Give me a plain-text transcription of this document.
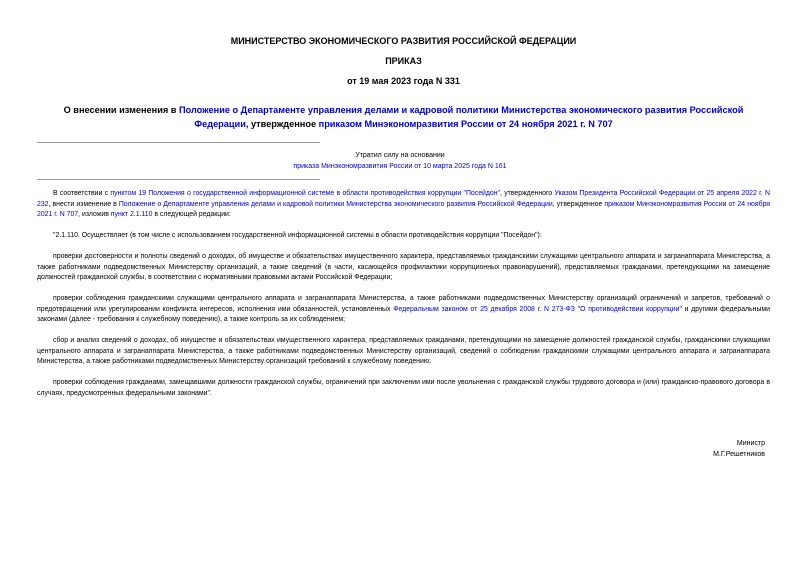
МИНИСТЕРСТВО ЭКОНОМИЧЕСКОГО РАЗВИТИЯ РОССИЙСКОЙ ФЕДЕРАЦИИ
ПРИКАЗ
от 19 мая 2023 года N 331
О внесении изменения в Положение о Департаменте управления делами и кадровой политики Министерства экономического развития Российской Федерации, утвержденное приказом Минэкономразвития России от 24 ноября 2021 г. N 707
Утратил силу на основании
приказа Минэкономразвития России от 10 марта 2025 года N 161

В соответствии с пунктом 19 Положения о государственной информационной системе в области противодействия коррупции "Посейдон", утвержденного Указом Президента Российской Федерации от 25 апреля 2022 г. N 232, внести изменение в Положение о Департаменте управления делами и кадровой политики Министерства экономического развития Российской Федерации, утвержденное приказом Минэкономразвития России от 24 ноября 2021 г. N 707, изложив пункт 2.1.110 в следующей редакции:

"2.1.110. Осуществляет (в том числе с использованием государственной информационной системы в области противодействия коррупции "Посейдон"):

проверки достоверности и полноты сведений о доходах, об имуществе и обязательствах имущественного характера, представляемых гражданскими служащими центрального аппарата и загранаппарата Министерства, а также работниками подведомственных Министерству организаций, а также сведений (в части, касающейся профилактики коррупционных правонарушений), представляемых гражданами, претендующими на замещение должностей гражданской службы, в соответствии с нормативными правовыми актами Российской Федерации;

проверки соблюдения гражданскими служащими центрального аппарата и загранаппарата Министерства, а также работниками подведомственных Министерству организаций ограничений и запретов, требований о предотвращении или урегулировании конфликта интересов, исполнения ими обязанностей, установленных Федеральным законом от 25 декабря 2008 г. N 273-ФЗ "О противодействии коррупции" и другими федеральными законами (далее - требования к служебному поведению), а также контроль за их соблюдением;

сбор и анализ сведений о доходах, об имуществе и обязательствах имущественного характера, представляемых гражданами, претендующими на замещение должностей гражданской службы, гражданскими служащими центрального аппарата и загранаппарата Министерства, а также работниками подведомственных Министерству организаций, сведений о соблюдении гражданскими служащими центрального аппарата и загранаппарата Министерства, а также работниками подведомственных Министерству организаций требований к служебному поведению;

проверки соблюдения гражданами, замещавшими должности гражданской службы, ограничений при заключении ими после увольнения с гражданской службы трудового договора и (или) гражданско-правового договора в случаях, предусмотренных федеральными законами".

Министр
М.Г.Решетников
